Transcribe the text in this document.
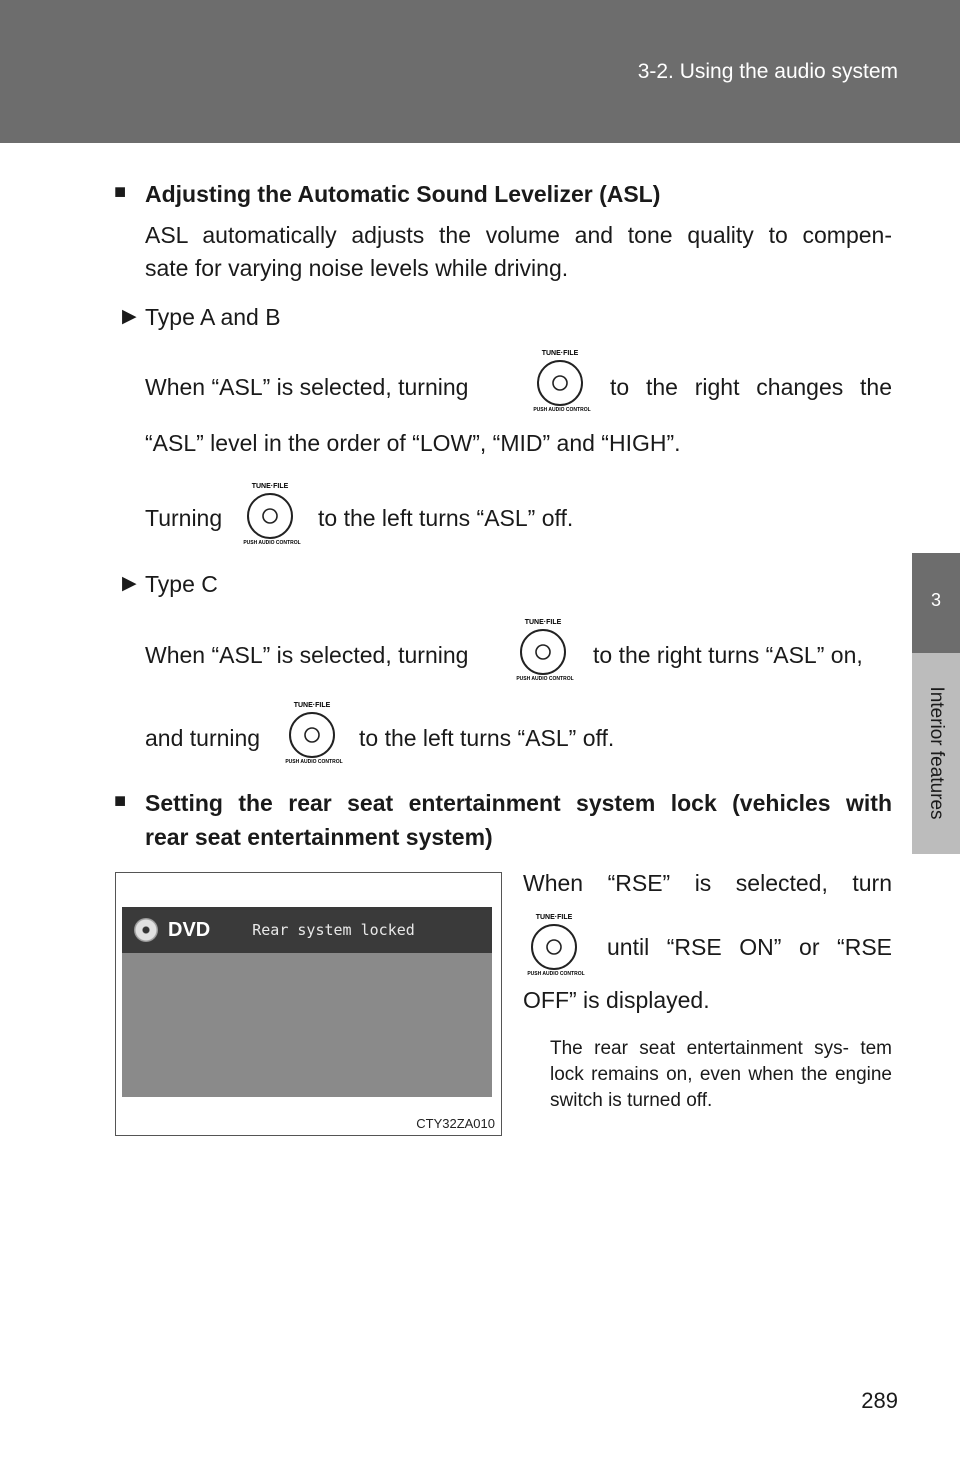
3-2. Using the audio system
3
Interior features
■ Adjusting the Automatic Sound Levelizer (ASL)
ASL automatically adjusts the volume and tone quality to compen-
sate for varying noise levels while driving.
▶ Type A and B
When “ASL” is selected, turning
TUNE·FILE
PUSH AUDIO CONTROL
to the right changes the
“ASL” level in the order of “LOW”, “MID” and “HIGH”.
Turning
TUNE·FILE
PUSH AUDIO CONTROL
to the left turns “ASL” off.
▶ Type C
When “ASL” is selected, turning
TUNE·FILE
PUSH AUDIO CONTROL
to the right turns “ASL” on,
and turning
TUNE·FILE
PUSH AUDIO CONTROL
to the left turns “ASL” off.
■ Setting the rear seat entertainment system lock (vehicles with
rear seat entertainment system)
When “RSE” is selected, turn
TUNE·FILE
PUSH AUDIO CONTROL
until “RSE ON” or “RSE
OFF” is displayed.
The rear seat entertainment sys- tem lock remains on, even when the engine switch is turned off.
DVD	Rear system locked
CTY32ZA010
289
